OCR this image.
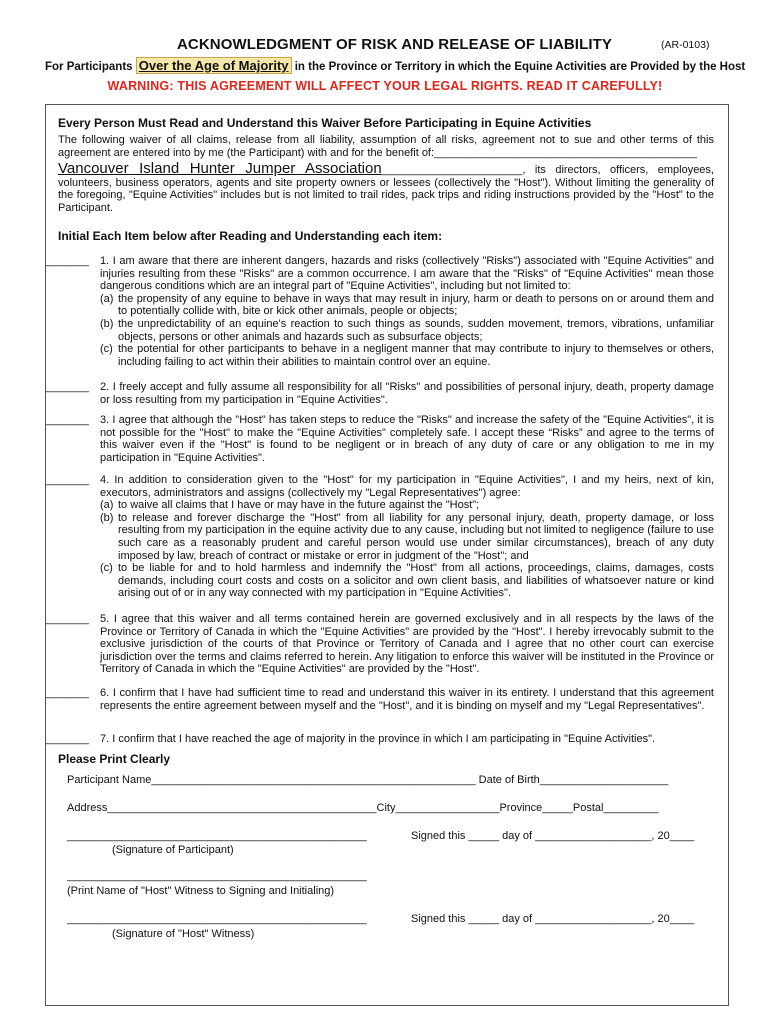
ACKNOWLEDGMENT OF RISK AND RELEASE OF LIABILITY	(AR-0103)
For Participants Over the Age of Majority in the Province or Territory in which the Equine Activities are Provided by the Host
WARNING: THIS AGREEMENT WILL AFFECT YOUR LEGAL RIGHTS. READ IT CAREFULLY!
Every Person Must Read and Understand this Waiver Before Participating in Equine Activities
The following waiver of all claims, release from all liability, assumption of all risks, agreement not to sue and other terms of this agreement are entered into by me (the Participant) with and for the benefit of:___________________________________________
Vancouver Island Hunter Jumper Association_______________________, its directors, officers, employees, volunteers, business operators, agents and site property owners or lessees (collectively the "Host"). Without limiting the generality of the foregoing, "Equine Activities" includes but is not limited to trail rides, pack trips and riding instructions provided by the "Host" to the Participant.
Initial Each Item below after Reading and Understanding each item:
_______ 1. I am aware that there are inherent dangers, hazards and risks (collectively "Risks") associated with "Equine Activities" and injuries resulting from these "Risks" are a common occurrence. I am aware that the "Risks" of "Equine Activities" mean those dangerous conditions which are an integral part of "Equine Activities", including but not limited to:
(a) the propensity of any equine to behave in ways that may result in injury, harm or death to persons on or around them and to potentially collide with, bite or kick other animals, people or objects;
(b) the unpredictability of an equine's reaction to such things as sounds, sudden movement, tremors, vibrations, unfamiliar objects, persons or other animals and hazards such as subsurface objects;
(c) the potential for other participants to behave in a negligent manner that may contribute to injury to themselves or others, including failing to act within their abilities to maintain control over an equine.
_______ 2. I freely accept and fully assume all responsibility for all "Risks" and possibilities of personal injury, death, property damage or loss resulting from my participation in "Equine Activities".
_______ 3. I agree that although the "Host" has taken steps to reduce the "Risks" and increase the safety of the "Equine Activities", it is not possible for the "Host" to make the "Equine Activities" completely safe. I accept these “Risks” and agree to the terms of this waiver even if the "Host" is found to be negligent or in breach of any duty of care or any obligation to me in my participation in "Equine Activities".
_______ 4. In addition to consideration given to the "Host" for my participation in "Equine Activities", I and my heirs, next of kin, executors, administrators and assigns (collectively my "Legal Representatives") agree:
(a) to waive all claims that I have or may have in the future against the "Host";
(b) to release and forever discharge the "Host" from all liability for any personal injury, death, property damage, or loss resulting from my participation in the equine activity due to any cause, including but not limited to negligence (failure to use such care as a reasonably prudent and careful person would use under similar circumstances), breach of any duty imposed by law, breach of contract or mistake or error in judgment of the "Host"; and
(c) to be liable for and to hold harmless and indemnify the "Host" from all actions, proceedings, claims, damages, costs demands, including court costs and costs on a solicitor and own client basis, and liabilities of whatsoever nature or kind arising out of or in any way connected with my participation in "Equine Activities".
_______ 5. I agree that this waiver and all terms contained herein are governed exclusively and in all respects by the laws of the Province or Territory of Canada in which the "Equine Activities" are provided by the "Host". I hereby irrevocably submit to the exclusive jurisdiction of the courts of that Province or Territory of Canada and I agree that no other court can exercise jurisdiction over the terms and claims referred to herein. Any litigation to enforce this waiver will be instituted in the Province or Territory of Canada in which the "Equine Activities" are provided by the "Host".
_______ 6. I confirm that I have had sufficient time to read and understand this waiver in its entirety. I understand that this agreement represents the entire agreement between myself and the "Host", and it is binding on myself and my "Legal Representatives".
_______ 7. I confirm that I have reached the age of majority in the province in which I am participating in "Equine Activities".
Please Print Clearly
Participant Name_____________________________________________________ Date of Birth_____________________
Address____________________________________________City_________________Province_____Postal_________
_________________________________________________	Signed this _____ day of ___________________, 20____
(Signature of Participant)
_________________________________________________
(Print Name of "Host" Witness to Signing and Initialing)
_________________________________________________	Signed this _____ day of ___________________, 20____
(Signature of "Host" Witness)
